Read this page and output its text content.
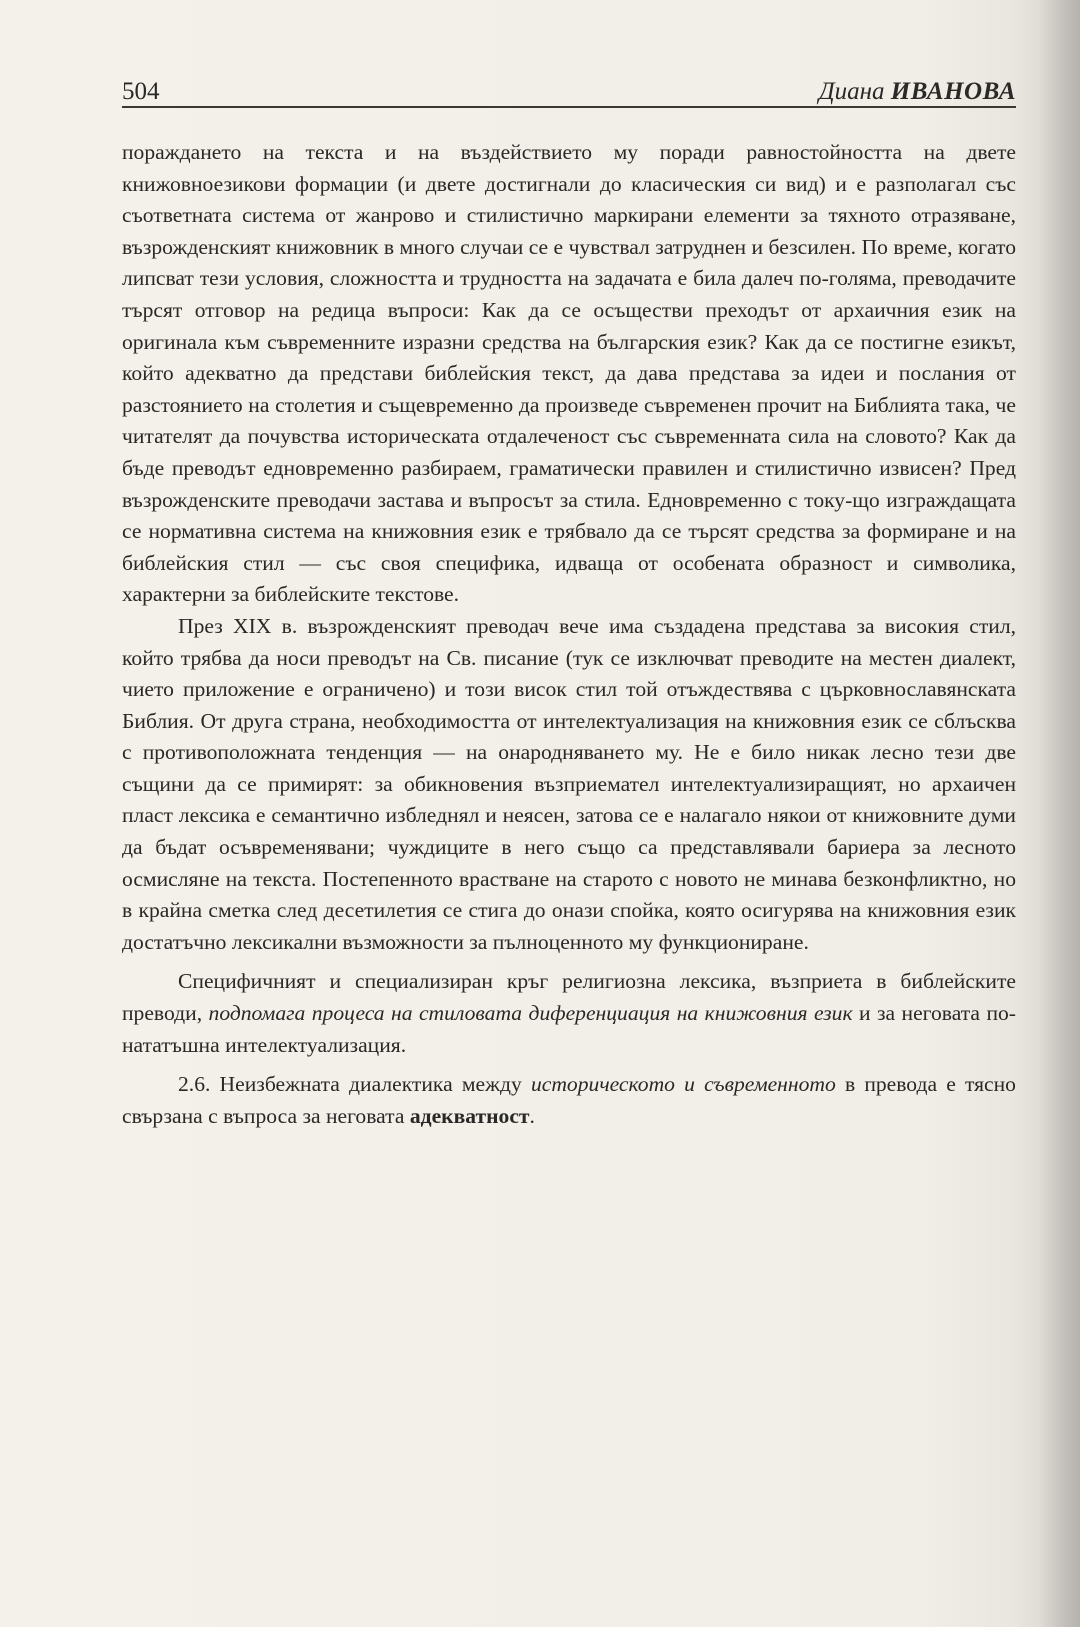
504	Диана ИВАНОВА

пораждането на текста и на въздействието му поради равностойността на двете книжовноезикови формации (и двете достигнали до класическия си вид) и е разполагал със съответната система от жанрово и стилистично маркирани елементи за тяхното отразяване, възрожденският книжовник в много случаи се е чувствал затруднен и безсилен. По време, когато липсват тези условия, сложността и трудността на задачата е била далеч по-голяма, преводачите търсят отговор на редица въпроси: Как да се осъществи преходът от архаичния език на оригинала към съвременните изразни средства на българския език? Как да се постигне езикът, който адекватно да представи библейския текст, да дава представа за идеи и послания от разстоянието на столетия и същевременно да произведе съвременен прочит на Библията така, че читателят да почувства историческата отдалеченост със съвременната сила на словото? Как да бъде преводът едновременно разбираем, граматически правилен и стилистично извисен? Пред възрожденските преводачи застава и въпросът за стила. Едновременно с току-що изграждащата се нормативна система на книжовния език е трябвало да се търсят средства за формиране и на библейския стил — със своя специфика, идваща от особената образност и символика, характерни за библейските текстове.

През XIX в. възрожденският преводач вече има създадена представа за високия стил, който трябва да носи преводът на Св. писание (тук се изключват преводите на местен диалект, чието приложение е ограничено) и този висок стил той отъждествява с църковнославянската Библия. От друга страна, необходимостта от интелектуализация на книжовния език се сблъсква с противоположната тенденция — на онародняването му. Не е било никак лесно тези две същини да се примирят: за обикновения възприемател интелектуализиращият, но архаичен пласт лексика е семантично избледнял и неясен, затова се е налагало някои от книжовните думи да бъдат осъвременявани; чуждиците в него също са представлявали бариера за лесното осмисляне на текста. Постепенното врастване на старото с новото не минава безконфликтно, но в крайна сметка след десетилетия се стига до онази спойка, която осигурява на книжовния език достатъчно лексикални възможности за пълноценното му функциониране.

Специфичният и специализиран кръг религиозна лексика, възприета в библейските преводи, подпомага процеса на стиловата диференциация на книжовния език и за неговата по-нататъшна интелектуализация.

2.6. Неизбежната диалектика между историческото и съвременното в превода е тясно свързана с въпроса за неговата адекватност.
